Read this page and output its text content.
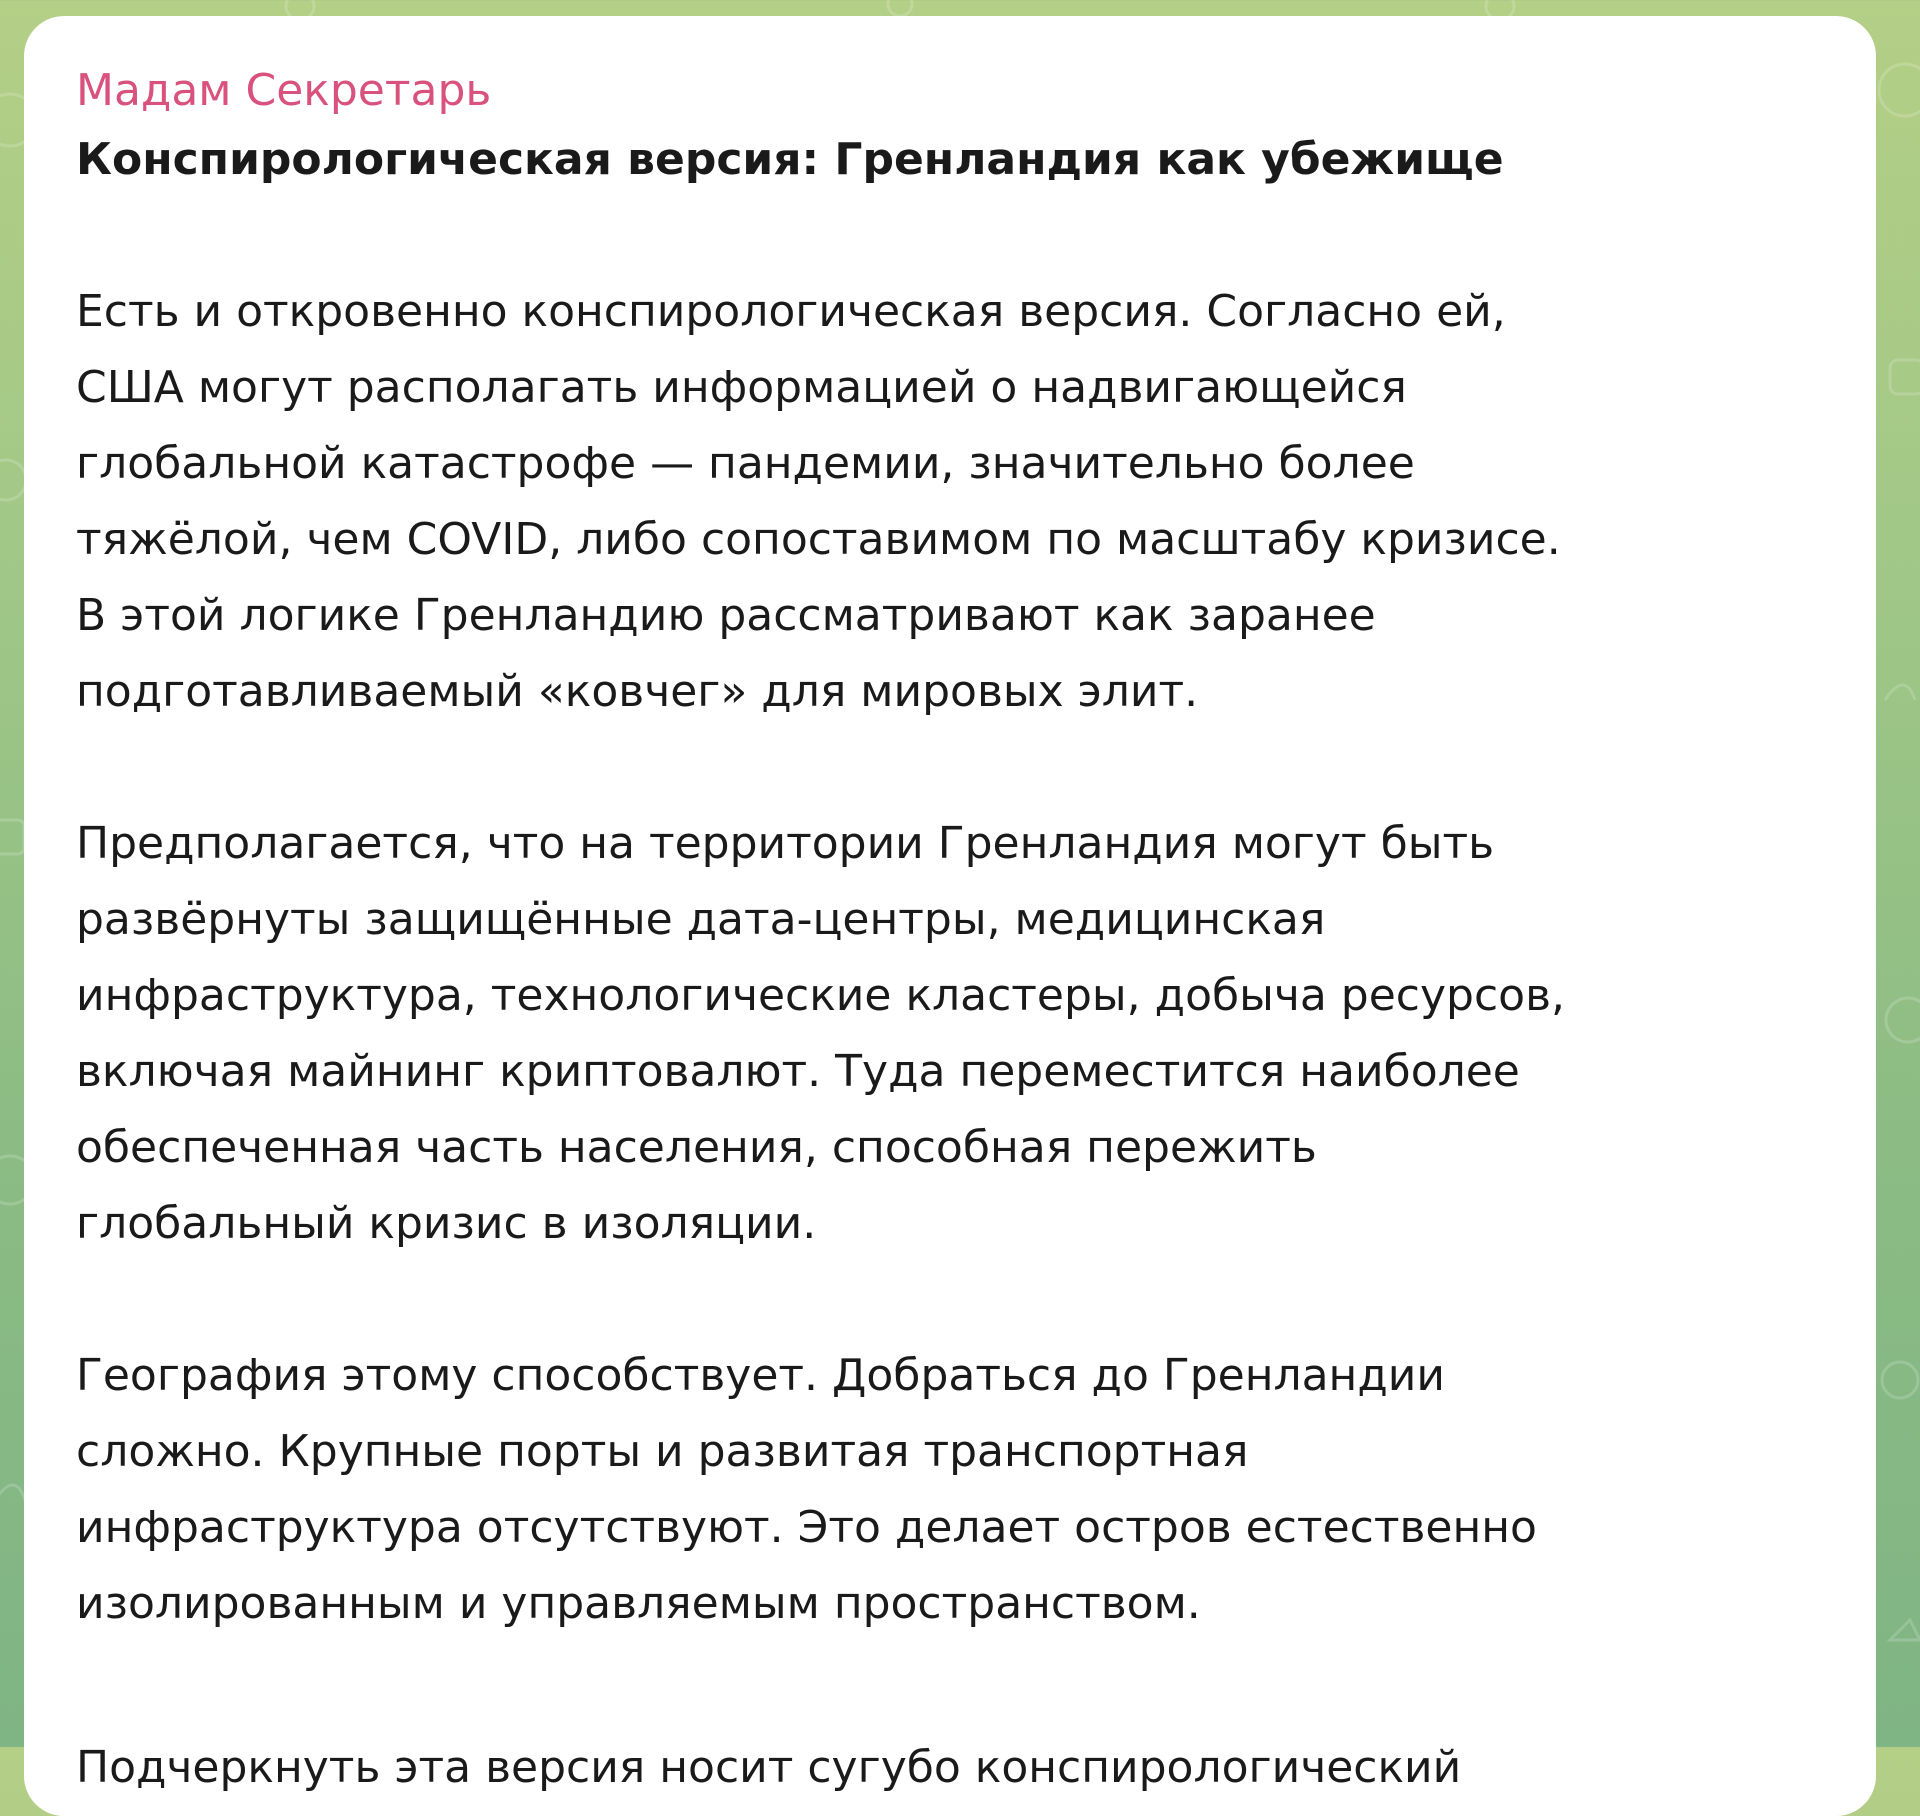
Мадам Секретарь
Конспирологическая версия: Гренландия как убежище
Есть и откровенно конспирологическая версия. Согласно ей,
США могут располагать информацией о надвигающейся
глобальной катастрофе — пандемии, значительно более
тяжёлой, чем COVID, либо сопоставимом по масштабу кризисе.
В этой логике Гренландию рассматривают как заранее
подготавливаемый «ковчег» для мировых элит.
Предполагается, что на территории Гренландия могут быть
развёрнуты защищённые дата-центры, медицинская
инфраструктура, технологические кластеры, добыча ресурсов,
включая майнинг криптовалют. Туда переместится наиболее
обеспеченная часть населения, способная пережить
глобальный кризис в изоляции.
География этому способствует. Добраться до Гренландии
сложно. Крупные порты и развитая транспортная
инфраструктура отсутствуют. Это делает остров естественно
изолированным и управляемым пространством.
Подчеркнуть эта версия носит сугубо конспирологический
